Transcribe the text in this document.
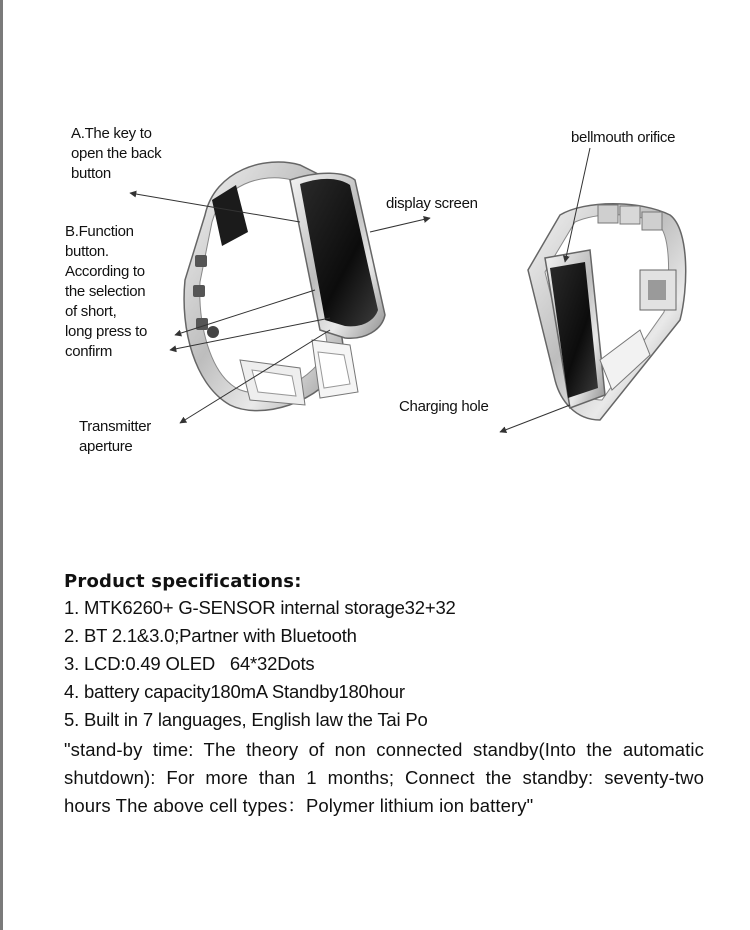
A.The key to
open the back
button
B.Function
button.
According to
the selection
of short,
long press to
confirm
Transmitter
aperture
display screen
bellmouth orifice
Charging hole
Product specifications:
1. MTK6260+ G-SENSOR internal storage32+32
2. BT 2.1&3.0;Partner with Bluetooth
3. LCD:0.49 OLED   64*32Dots
4. battery capacity180mA Standby180hour
5. Built in 7 languages, English law the Tai Po

"stand-by time: The theory of non connected standby(Into the automatic shutdown): For more than 1 months; Connect the standby: seventy-two hours The above cell types：Polymer lithium ion battery"
